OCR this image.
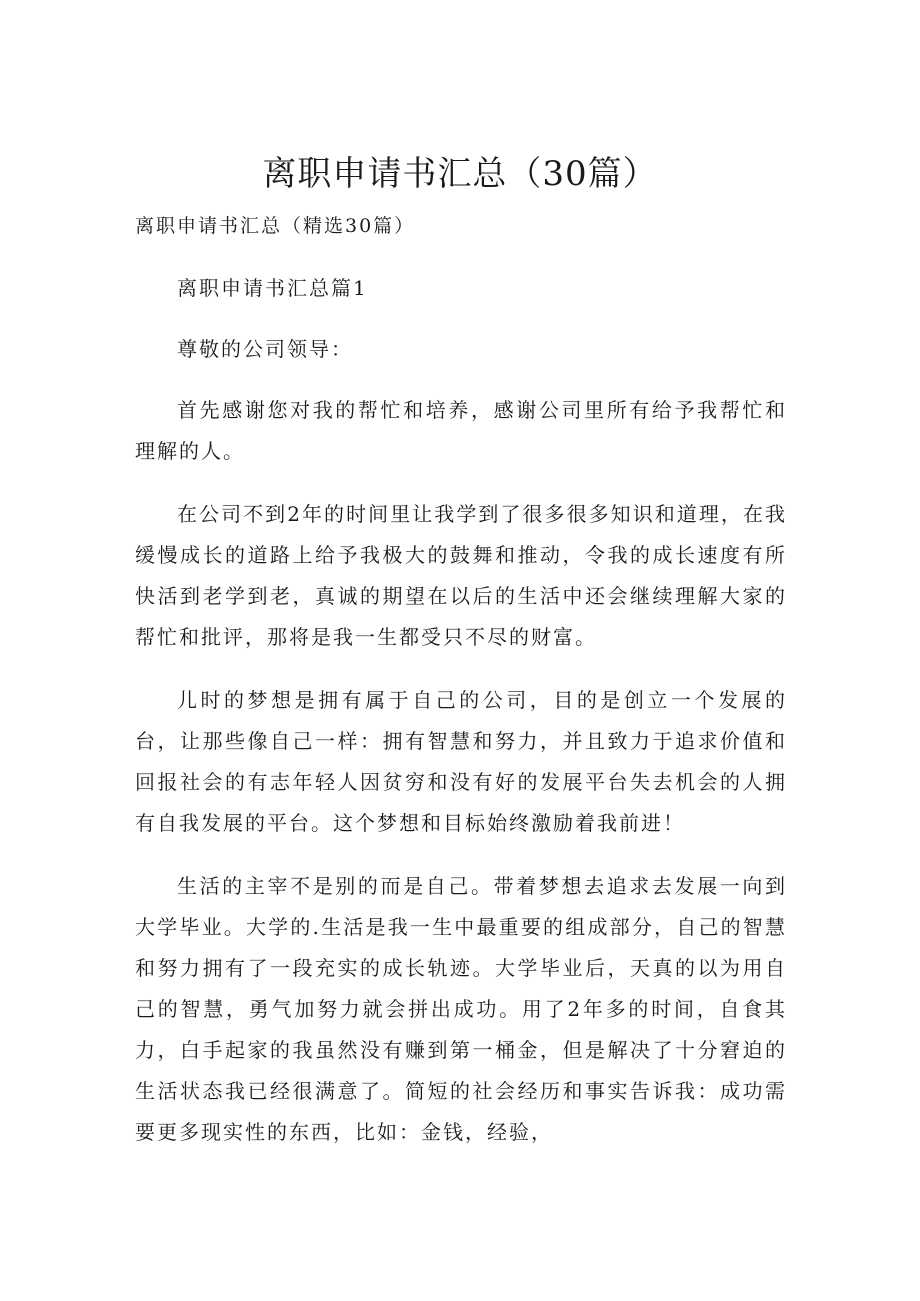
离职申请书汇总（30篇）

离职申请书汇总（精选30篇）

离职申请书汇总篇1

尊敬的公司领导：

首先感谢您对我的帮忙和培养，感谢公司里所有给予我帮忙和理解的人。

在公司不到2年的时间里让我学到了很多很多知识和道理，在我缓慢成长的道路上给予我极大的鼓舞和推动，令我的成长速度有所快活到老学到老，真诚的期望在以后的生活中还会继续理解大家的帮忙和批评，那将是我一生都受只不尽的财富。

儿时的梦想是拥有属于自己的公司，目的是创立一个发展的台，让那些像自己一样：拥有智慧和努力，并且致力于追求价值和回报社会的有志年轻人因贫穷和没有好的发展平台失去机会的人拥有自我发展的平台。这个梦想和目标始终激励着我前进！

生活的主宰不是别的而是自己。带着梦想去追求去发展一向到大学毕业。大学的.生活是我一生中最重要的组成部分，自己的智慧和努力拥有了一段充实的成长轨迹。大学毕业后，天真的以为用自己的智慧，勇气加努力就会拼出成功。用了2年多的时间，自食其力，白手起家的我虽然没有赚到第一桶金，但是解决了十分窘迫的生活状态我已经很满意了。简短的社会经历和事实告诉我：成功需要更多现实性的东西，比如：金钱，经验，
